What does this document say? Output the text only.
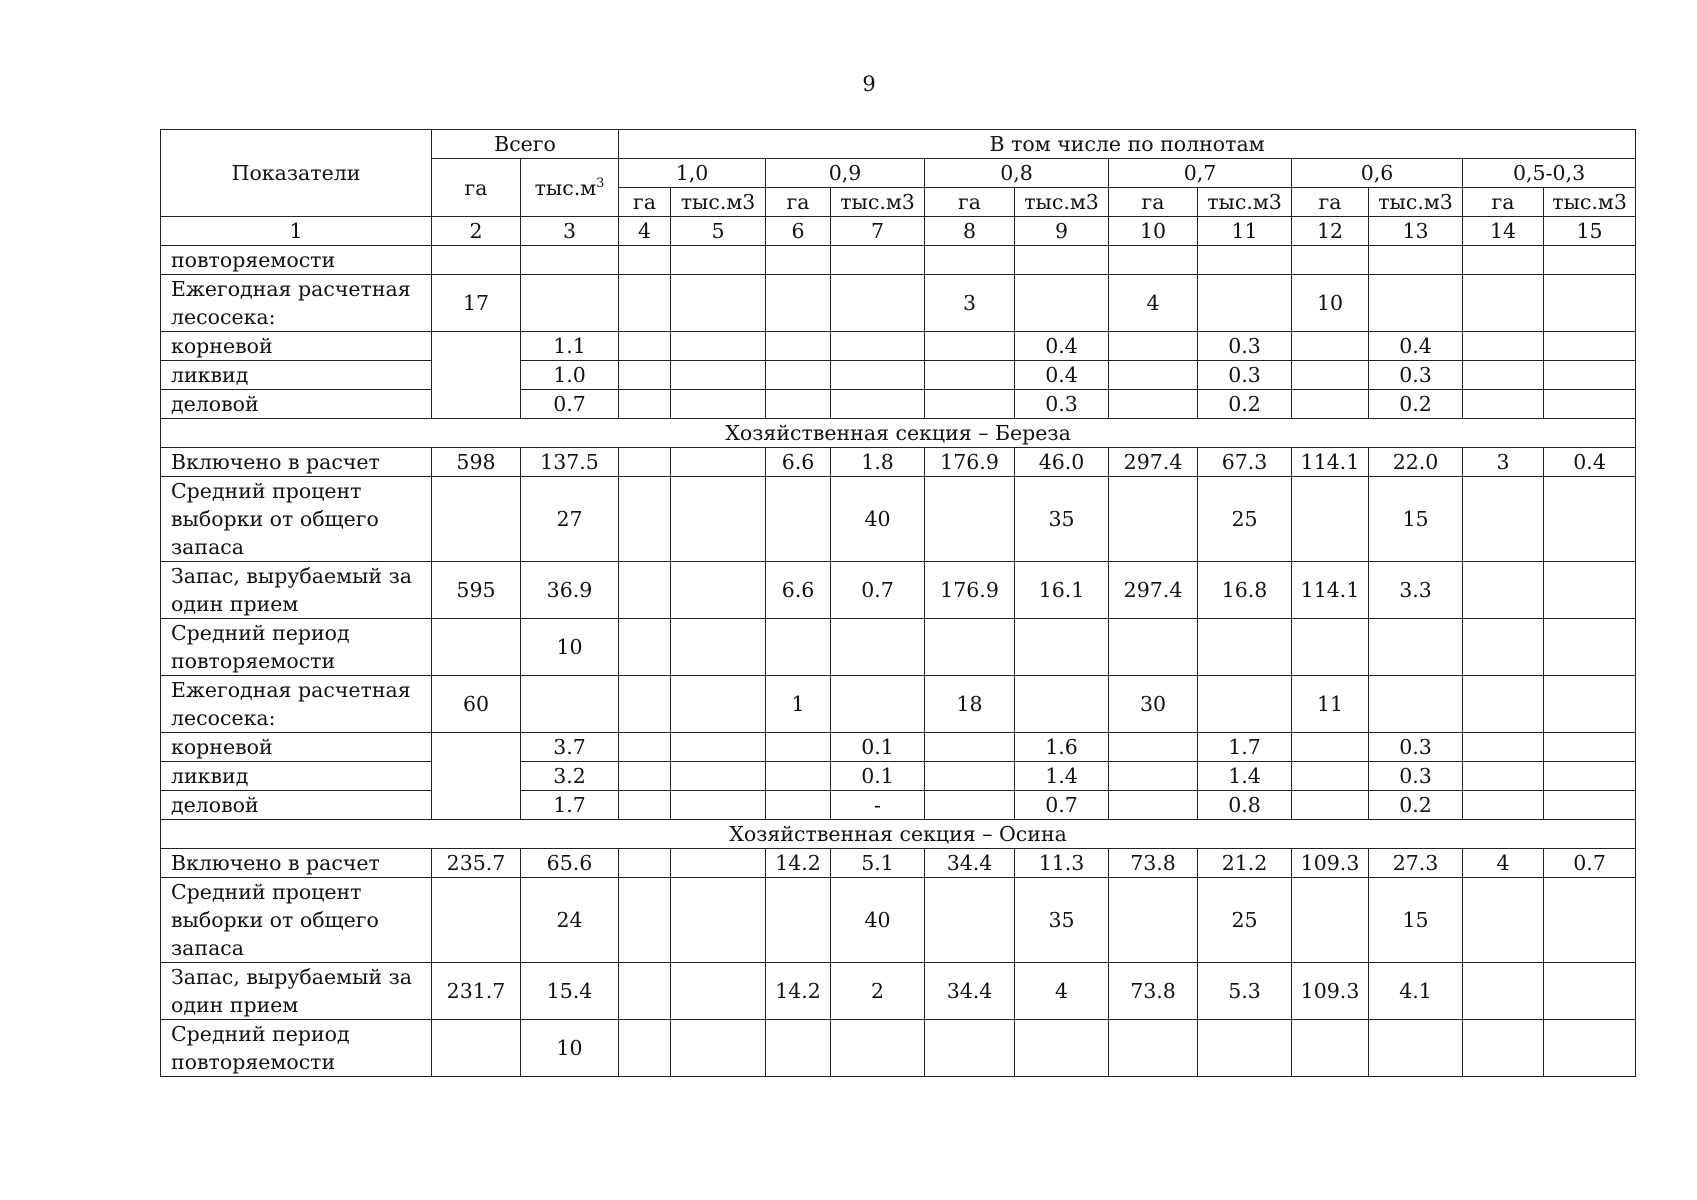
9
Показатели	Всего		В том числе по полнотам											
	га	$тыс.м^3$	1,0		0,9		0,8		0,7		0,6		0,5-0,3	
			га	тыс.м3	га	тыс.м3	га	тыс.м3	га	тыс.м3	га	тыс.м3	га	тыс.м3
1	2	3	4	5	6	7	8	9	10	11	12	13	14	15
повторяемости														
Ежегодная расчетная лесосека:	17						3		4		10			
корневой		1.1						0.4		0.3		0.4		
ликвид		1.0						0.4		0.3		0.3		
деловой		0.7						0.3		0.2		0.2		
Хозяйственная секция – Береза														
Включено в расчет	598	137.5			6.6	1.8	176.9	46.0	297.4	67.3	114.1	22.0	3	0.4
Средний процент выборки от общего запаса		27				40		35		25		15		
Запас, вырубаемый за один прием	595	36.9			6.6	0.7	176.9	16.1	297.4	16.8	114.1	3.3		
Средний период повторяемости		10												
Ежегодная расчетная лесосека:	60				1		18		30		11			
корневой		3.7				0.1		1.6		1.7		0.3		
ликвид		3.2				0.1		1.4		1.4		0.3		
деловой		1.7				-		0.7		0.8		0.2		
Хозяйственная секция – Осина														
Включено в расчет	235.7	65.6			14.2	5.1	34.4	11.3	73.8	21.2	109.3	27.3	4	0.7
Средний процент выборки от общего запаса		24				40		35		25		15		
Запас, вырубаемый за один прием	231.7	15.4			14.2	2	34.4	4	73.8	5.3	109.3	4.1		
Средний период повторяемости		10												
